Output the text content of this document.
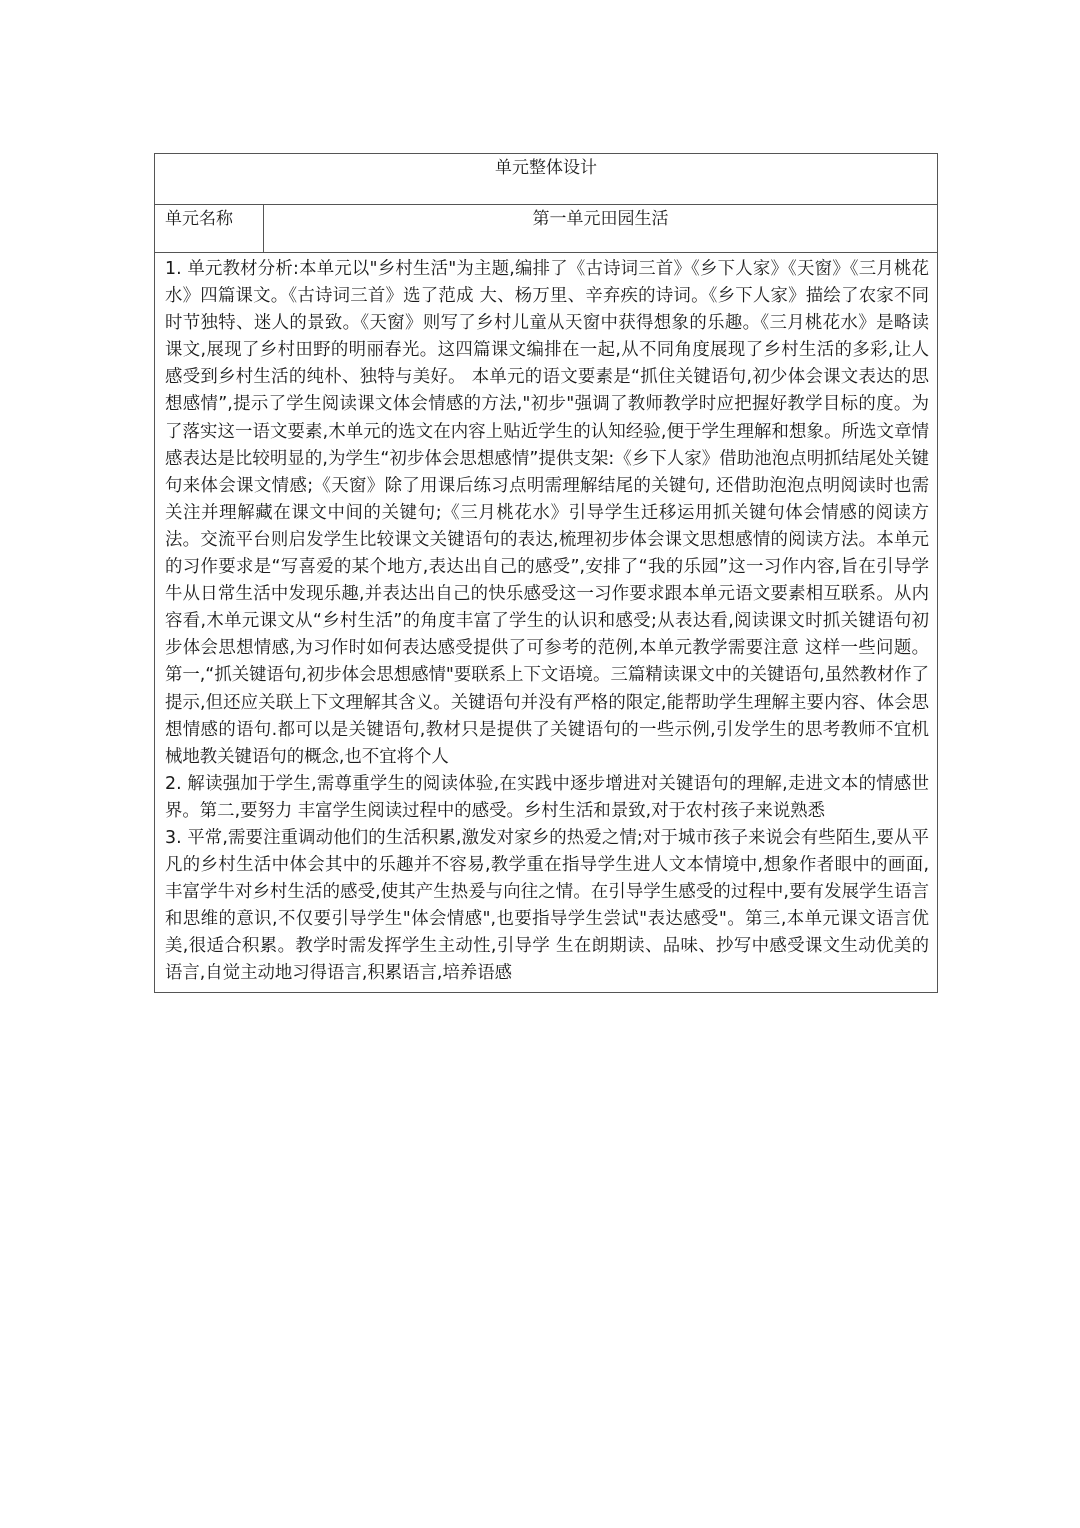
单元整体设计
单元名称	第一单元田园生活

1. 单元教材分析:本单元以"乡村生活"为主题,编排了《古诗词三首》《乡下人家》《天窗》《三月桃花水》四篇课文。《古诗词三首》选了范成 大、杨万里、辛弃疾的诗词。《乡下人家》描绘了农家不同时节独特、迷人的景致。《天窗》则写了乡村儿童从天窗中获得想象的乐趣。《三月桃花水》是略读课文,展现了乡村田野的明丽春光。这四篇课文编排在一起,从不同角度展现了乡村生活的多彩,让人感受到乡村生活的纯朴、独特与美好。 本单元的语文要素是“抓住关键语句,初少体会课文表达的思想感情”,提示了学生阅读课文体会情感的方法,"初步"强调了教师教学时应把握好教学目标的度。为了落实这一语文要素,木单元的选文在内容上贴近学生的认知经验,便于学生理解和想象。所选文章情感表达是比较明显的,为学生“初步体会思想感情”提供支架:《乡下人家》借助池泡点明抓结尾处关键句来体会课文情感;《天窗》除了用课后练习点明需理解结尾的关键句, 还借助泡泡点明阅读时也需关注并理解藏在课文中间的关键句;《三月桃花水》引导学生迁移运用抓关键句体会情感的阅读方法。交流平台则启发学生比较课文关键语句的表达,梳理初步体会课文思想感情的阅读方法。本单元的习作要求是“写喜爱的某个地方,表达出自己的感受”,安排了“我的乐园”这一习作内容,旨在引导学牛从日常生活中发现乐趣,并表达出自己的快乐感受这一习作要求跟本单元语文要素相互联系。从内容看,木单元课文从“乡村生活”的角度丰富了学生的认识和感受;从表达看,阅读课文时抓关键语句初步体会思想情感,为习作时如何表达感受提供了可参考的范例,本单元教学需要注意 这样一些问题。第一,“抓关键语句,初步体会思想感情"要联系上下文语境。三篇精读课文中的关键语句,虽然教材作了提示,但还应关联上下文理解其含义。关键语句并没有严格的限定,能帮助学生理解主要内容、体会思想情感的语句.都可以是关键语句,教材只是提供了关键语句的一些示例,引发学生的思考教师不宜机械地教关键语句的概念,也不宜将个人

2. 解读强加于学生,需尊重学生的阅读体验,在实践中逐步增进对关键语句的理解,走进文本的情感世界。第二,要努力 丰富学生阅读过程中的感受。乡村生活和景致,对于农村孩子来说熟悉

3. 平常,需要注重调动他们的生活积累,激发对家乡的热爱之情;对于城市孩子来说会有些陌生,要从平凡的乡村生活中体会其中的乐趣并不容易,教学重在指导学生进人文本情境中,想象作者眼中的画面,丰富学牛对乡村生活的感受,使其产生热爰与向往之情。在引导学生感受的过程中,要有发展学生语言和思维的意识,不仅要引导学生"体会情感",也要指导学生尝试"表达感受"。第三,本单元课文语言优美,很适合积累。教学时需发挥学生主动性,引导学 生在朗期读、品味、抄写中感受课文生动优美的语言,自觉主动地习得语言,积累语言,培养语感
